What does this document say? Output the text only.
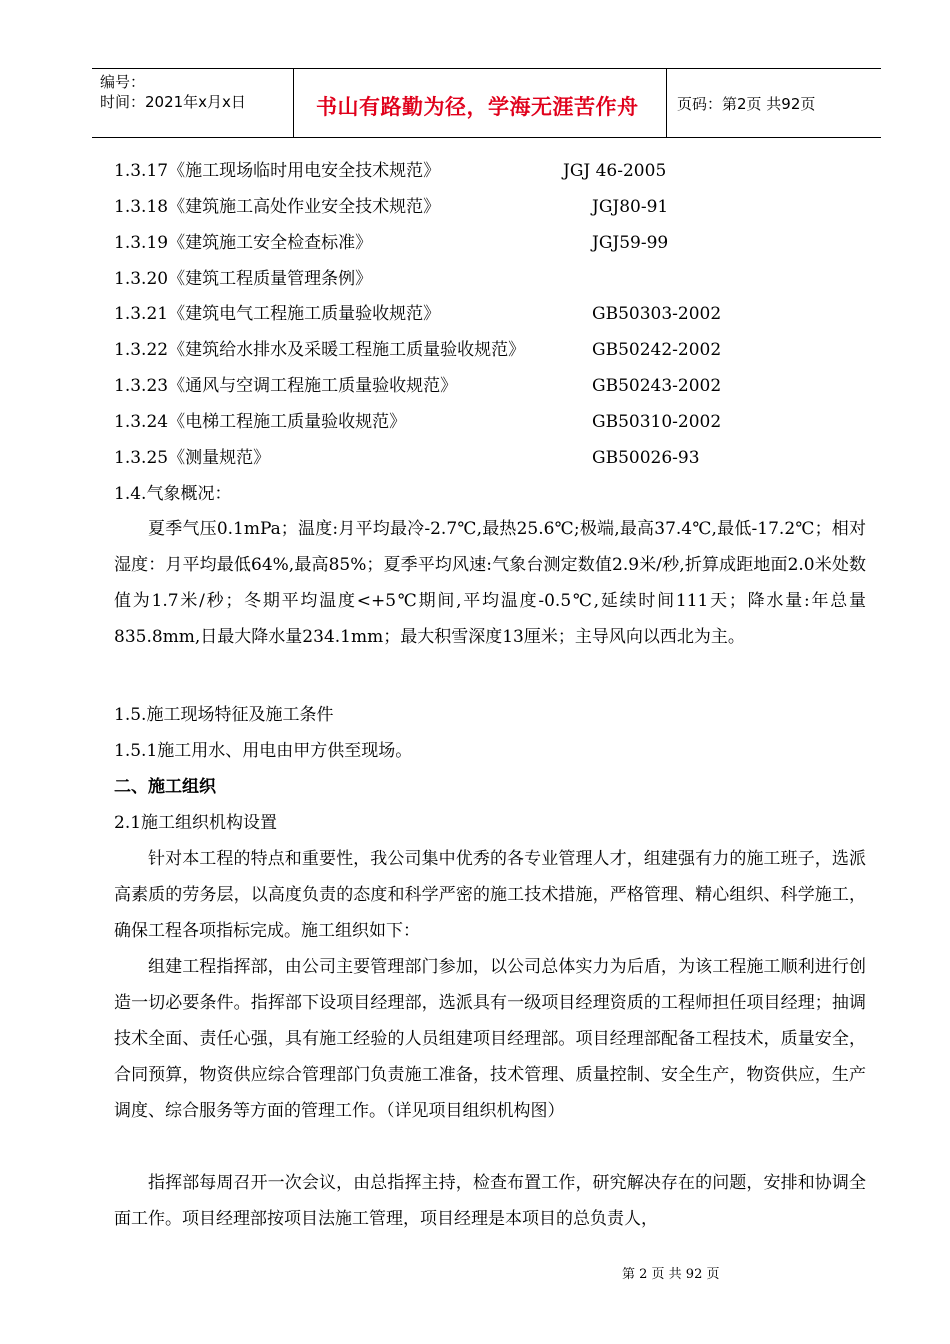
编号：
时间：2021年x月x日	书山有路勤为径，学海无涯苦作舟	页码：第2页 共92页
1.3.17《施工现场临时用电安全技术规范》	JGJ 46-2005
1.3.18《建筑施工高处作业安全技术规范》	JGJ80-91
1.3.19《建筑施工安全检查标准》	JGJ59-99
1.3.20《建筑工程质量管理条例》
1.3.21《建筑电气工程施工质量验收规范》	GB50303-2002
1.3.22《建筑给水排水及采暖工程施工质量验收规范》	GB50242-2002
1.3.23《通风与空调工程施工质量验收规范》	GB50243-2002
1.3.24《电梯工程施工质量验收规范》	GB50310-2002
1.3.25《测量规范》	GB50026-93
1.4.气象概况：

夏季气压0.1mPa；温度:月平均最冷-2.7℃,最热25.6℃;极端,最高37.4℃,最低-17.2℃；相对湿度：月平均最低64%,最高85%；夏季平均风速:气象台测定数值2.9米/秒,折算成距地面2.0米处数值为1.7米/秒；冬期平均温度<+5℃期间,平均温度-0.5℃,延续时间111天；降水量:年总量835.8mm,日最大降水量234.1mm；最大积雪深度13厘米；主导风向以西北为主。

1.5.施工现场特征及施工条件
1.5.1施工用水、用电由甲方供至现场。
二、施工组织
2.1施工组织机构设置

针对本工程的特点和重要性，我公司集中优秀的各专业管理人才，组建强有力的施工班子，选派高素质的劳务层，以高度负责的态度和科学严密的施工技术措施，严格管理、精心组织、科学施工，确保工程各项指标完成。施工组织如下：

组建工程指挥部，由公司主要管理部门参加，以公司总体实力为后盾，为该工程施工顺利进行创造一切必要条件。指挥部下设项目经理部，选派具有一级项目经理资质的工程师担任项目经理；抽调技术全面、责任心强，具有施工经验的人员组建项目经理部。项目经理部配备工程技术，质量安全，合同预算，物资供应综合管理部门负责施工准备，技术管理、质量控制、安全生产，物资供应，生产调度、综合服务等方面的管理工作。（详见项目组织机构图）

指挥部每周召开一次会议，由总指挥主持，检查布置工作，研究解决存在的问题，安排和协调全面工作。项目经理部按项目法施工管理，项目经理是本项目的总负责人，

第 2 页 共 92 页
